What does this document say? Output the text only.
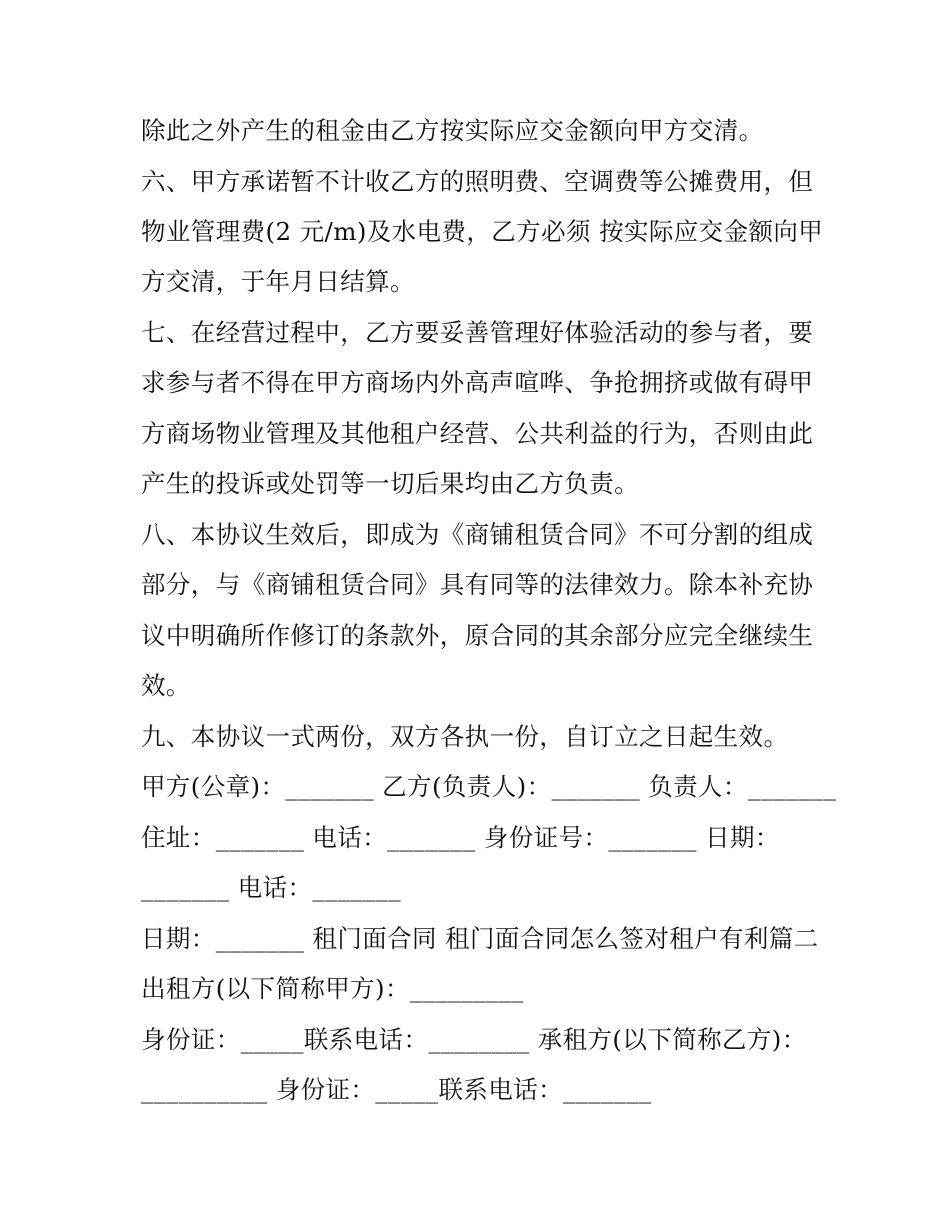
除此之外产生的租金由乙方按实际应交金额向甲方交清。
六、甲方承诺暂不计收乙方的照明费、空调费等公摊费用，但
物业管理费(2 元/m)及水电费，乙方必须 按实际应交金额向甲
方交清，于年月日结算。
七、在经营过程中，乙方要妥善管理好体验活动的参与者，要
求参与者不得在甲方商场内外高声喧哗、争抢拥挤或做有碍甲
方商场物业管理及其他租户经营、公共利益的行为，否则由此
产生的投诉或处罚等一切后果均由乙方负责。
八、本协议生效后，即成为《商铺租赁合同》不可分割的组成
部分，与《商铺租赁合同》具有同等的法律效力。除本补充协
议中明确所作修订的条款外，原合同的其余部分应完全继续生
效。
九、本协议一式两份，双方各执一份，自订立之日起生效。
甲方(公章)：_______ 乙方(负责人)：_______ 负责人：_______
住址：_______ 电话：_______ 身份证号：_______ 日期：
_______ 电话：_______
日期：_______ 租门面合同 租门面合同怎么签对租户有利篇二
出租方(以下简称甲方)：_________
身份证：_____联系电话：________ 承租方(以下简称乙方)：
__________ 身份证：_____联系电话：_______
